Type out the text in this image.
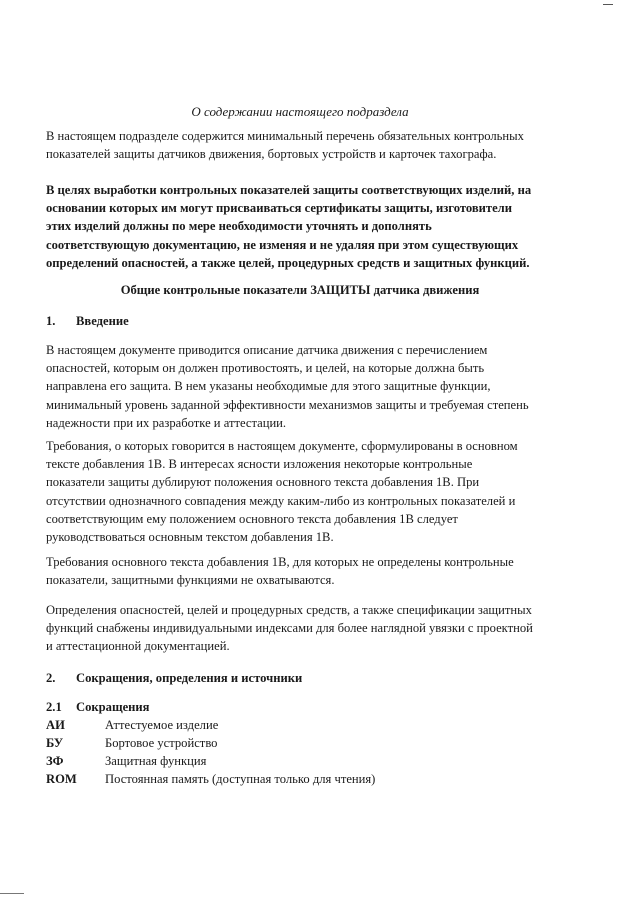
О содержании настоящего подраздела
В настоящем подразделе содержится минимальный перечень обязательных контрольных
показателей защиты датчиков движения, бортовых устройств и карточек тахографа.
В целях выработки контрольных показателей защиты соответствующих изделий, на
основании которых им могут присваиваться сертификаты защиты, изготовители
этих изделий должны по мере необходимости уточнять и дополнять
соответствующую документацию, не изменяя и не удаляя при этом существующих
определений опасностей, а также целей, процедурных средств и защитных функций.
Общие контрольные показатели ЗАЩИТЫ датчика движения
1. Введение
В настоящем документе приводится описание датчика движения с перечислением
опасностей, которым он должен противостоять, и целей, на которые должна быть
направлена его защита. В нем указаны необходимые для этого защитные функции,
минимальный уровень заданной эффективности механизмов защиты и требуемая степень
надежности при их разработке и аттестации.
Требования, о которых говорится в настоящем документе, сформулированы в основном
тексте добавления 1В. В интересах ясности изложения некоторые контрольные
показатели защиты дублируют положения основного текста добавления 1В. При
отсутствии однозначного совпадения между каким-либо из контрольных показателей и
соответствующим ему положением основного текста добавления 1В следует
руководствоваться основным текстом добавления 1В.
Требования основного текста добавления 1В, для которых не определены контрольные
показатели, защитными функциями не охватываются.
Определения опасностей, целей и процедурных средств, а также спецификации защитных
функций снабжены индивидуальными индексами для более наглядной увязки с проектной
и аттестационной документацией.
2. Сокращения, определения и источники
2.1 Сокращения
АИ	Аттестуемое изделие
БУ	Бортовое устройство
ЗФ	Защитная функция
ROM Постоянная память (доступная только для чтения)
